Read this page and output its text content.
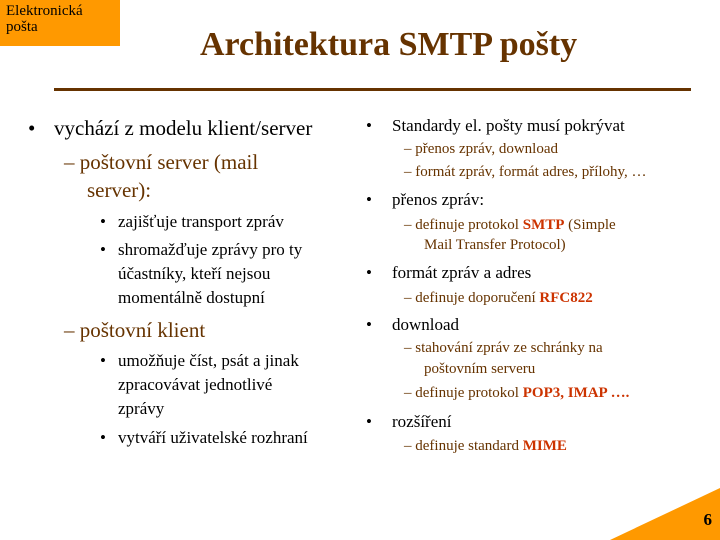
Elektronická
pošta	Architektura SMTP pošty
• vychází z modelu klient/server
– poštovní server (mail
server):
• zajišťuje transport zpráv
• shromažďuje zprávy pro ty
účastníky, kteří nejsou
momentálně dostupní
– poštovní klient
• umožňuje číst, psát a jinak
zpracovávat jednotlivé
zprávy
• vytváří uživatelské rozhraní
• Standardy el. pošty musí pokrývat
– přenos zpráv, download
– formát zpráv, formát adres, přílohy, …
• přenos zpráv:
– definuje protokol SMTP (Simple
Mail Transfer Protocol)
• formát zpráv a adres
– definuje doporučení RFC822
• download
– stahování zpráv ze schránky na
poštovním serveru
– definuje protokol POP3, IMAP ….
• rozšíření
– definuje standard MIME
6
